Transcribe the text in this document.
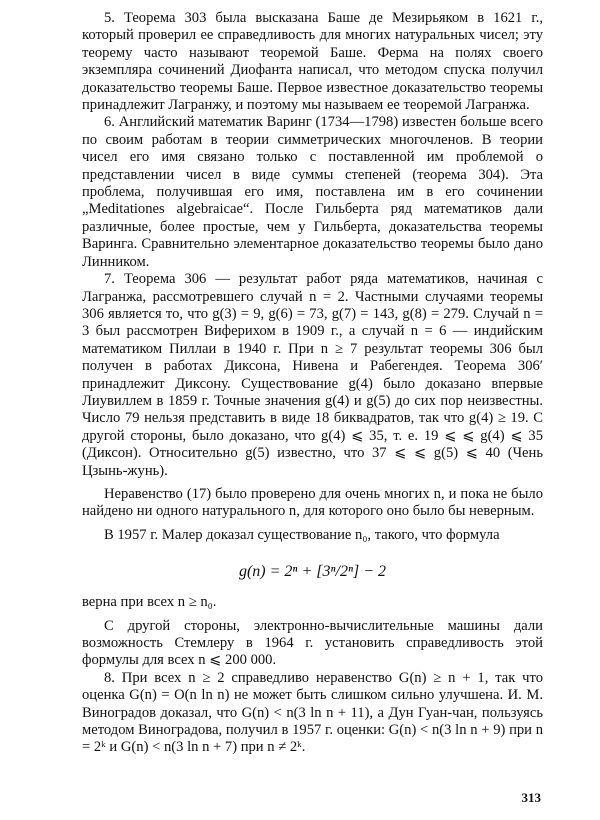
5. Теорема 303 была высказана Баше де Мезирьяком в 1621 г., который проверил ее справедливость для многих натуральных чисел; эту теорему часто называют теоремой Баше. Ферма на полях своего экземпляра сочинений Диофанта написал, что методом спуска получил доказательство теоремы Баше. Первое известное доказательство теоремы принадлежит Лагранжу, и поэтому мы называем ее теоремой Лагранжа.

6. Английский математик Варинг (1734—1798) известен больше всего по своим работам в теории симметрических многочленов. В теории чисел его имя связано только с поставленной им проблемой о представлении чисел в виде суммы степеней (теорема 304). Эта проблема, получившая его имя, поставлена им в его сочинении „Meditationes algebraicae“. После Гильберта ряд математиков дали различные, более простые, чем у Гильберта, доказательства теоремы Варинга. Сравнительно элементарное доказательство теоремы было дано Линником.

7. Теорема 306 — результат работ ряда математиков, начиная с Лагранжа, рассмотревшего случай n = 2. Частными случаями теоремы 306 является то, что g(3) = 9, g(6) = 73, g(7) = 143, g(8) = 279. Случай n = 3 был рассмотрен Виферихом в 1909 г., а случай n = 6 — индийским математиком Пиллаи в 1940 г. При n ≥ 7 результат теоремы 306 был получен в работах Диксона, Нивена и Рабегендея. Теорема 306′ принадлежит Диксону. Существование g(4) было доказано впервые Лиувиллем в 1859 г. Точные значения g(4) и g(5) до сих пор неизвестны. Число 79 нельзя представить в виде 18 биквадратов, так что g(4) ≥ 19. С другой стороны, было доказано, что g(4) ⩽ 35, т. е. 19 ⩽ ⩽ g(4) ⩽ 35 (Диксон). Относительно g(5) известно, что 37 ⩽ ⩽ g(5) ⩽ 40 (Чень Цзынь-жунь).

Неравенство (17) было проверено для очень многих n, и пока не было найдено ни одного натурального n, для которого оно было бы неверным.

В 1957 г. Малер доказал существование n₀, такого, что формула

g(n) = 2ⁿ + [3ⁿ/2ⁿ] − 2

верна при всех n ≥ n₀.

С другой стороны, электронно-вычислительные машины дали возможность Стемлеру в 1964 г. установить справедливость этой формулы для всех n ⩽ 200 000.

8. При всех n ≥ 2 справедливо неравенство G(n) ≥ n + 1, так что оценка G(n) = O(n ln n) не может быть слишком сильно улучшена. И. М. Виноградов доказал, что G(n) < n(3 ln n + 11), а Дун Гуан-чан, пользуясь методом Виноградова, получил в 1957 г. оценки: G(n) < n(3 ln n + 9) при n = 2ᵏ и G(n) < n(3 ln n + 7) при n ≠ 2ᵏ.

313
